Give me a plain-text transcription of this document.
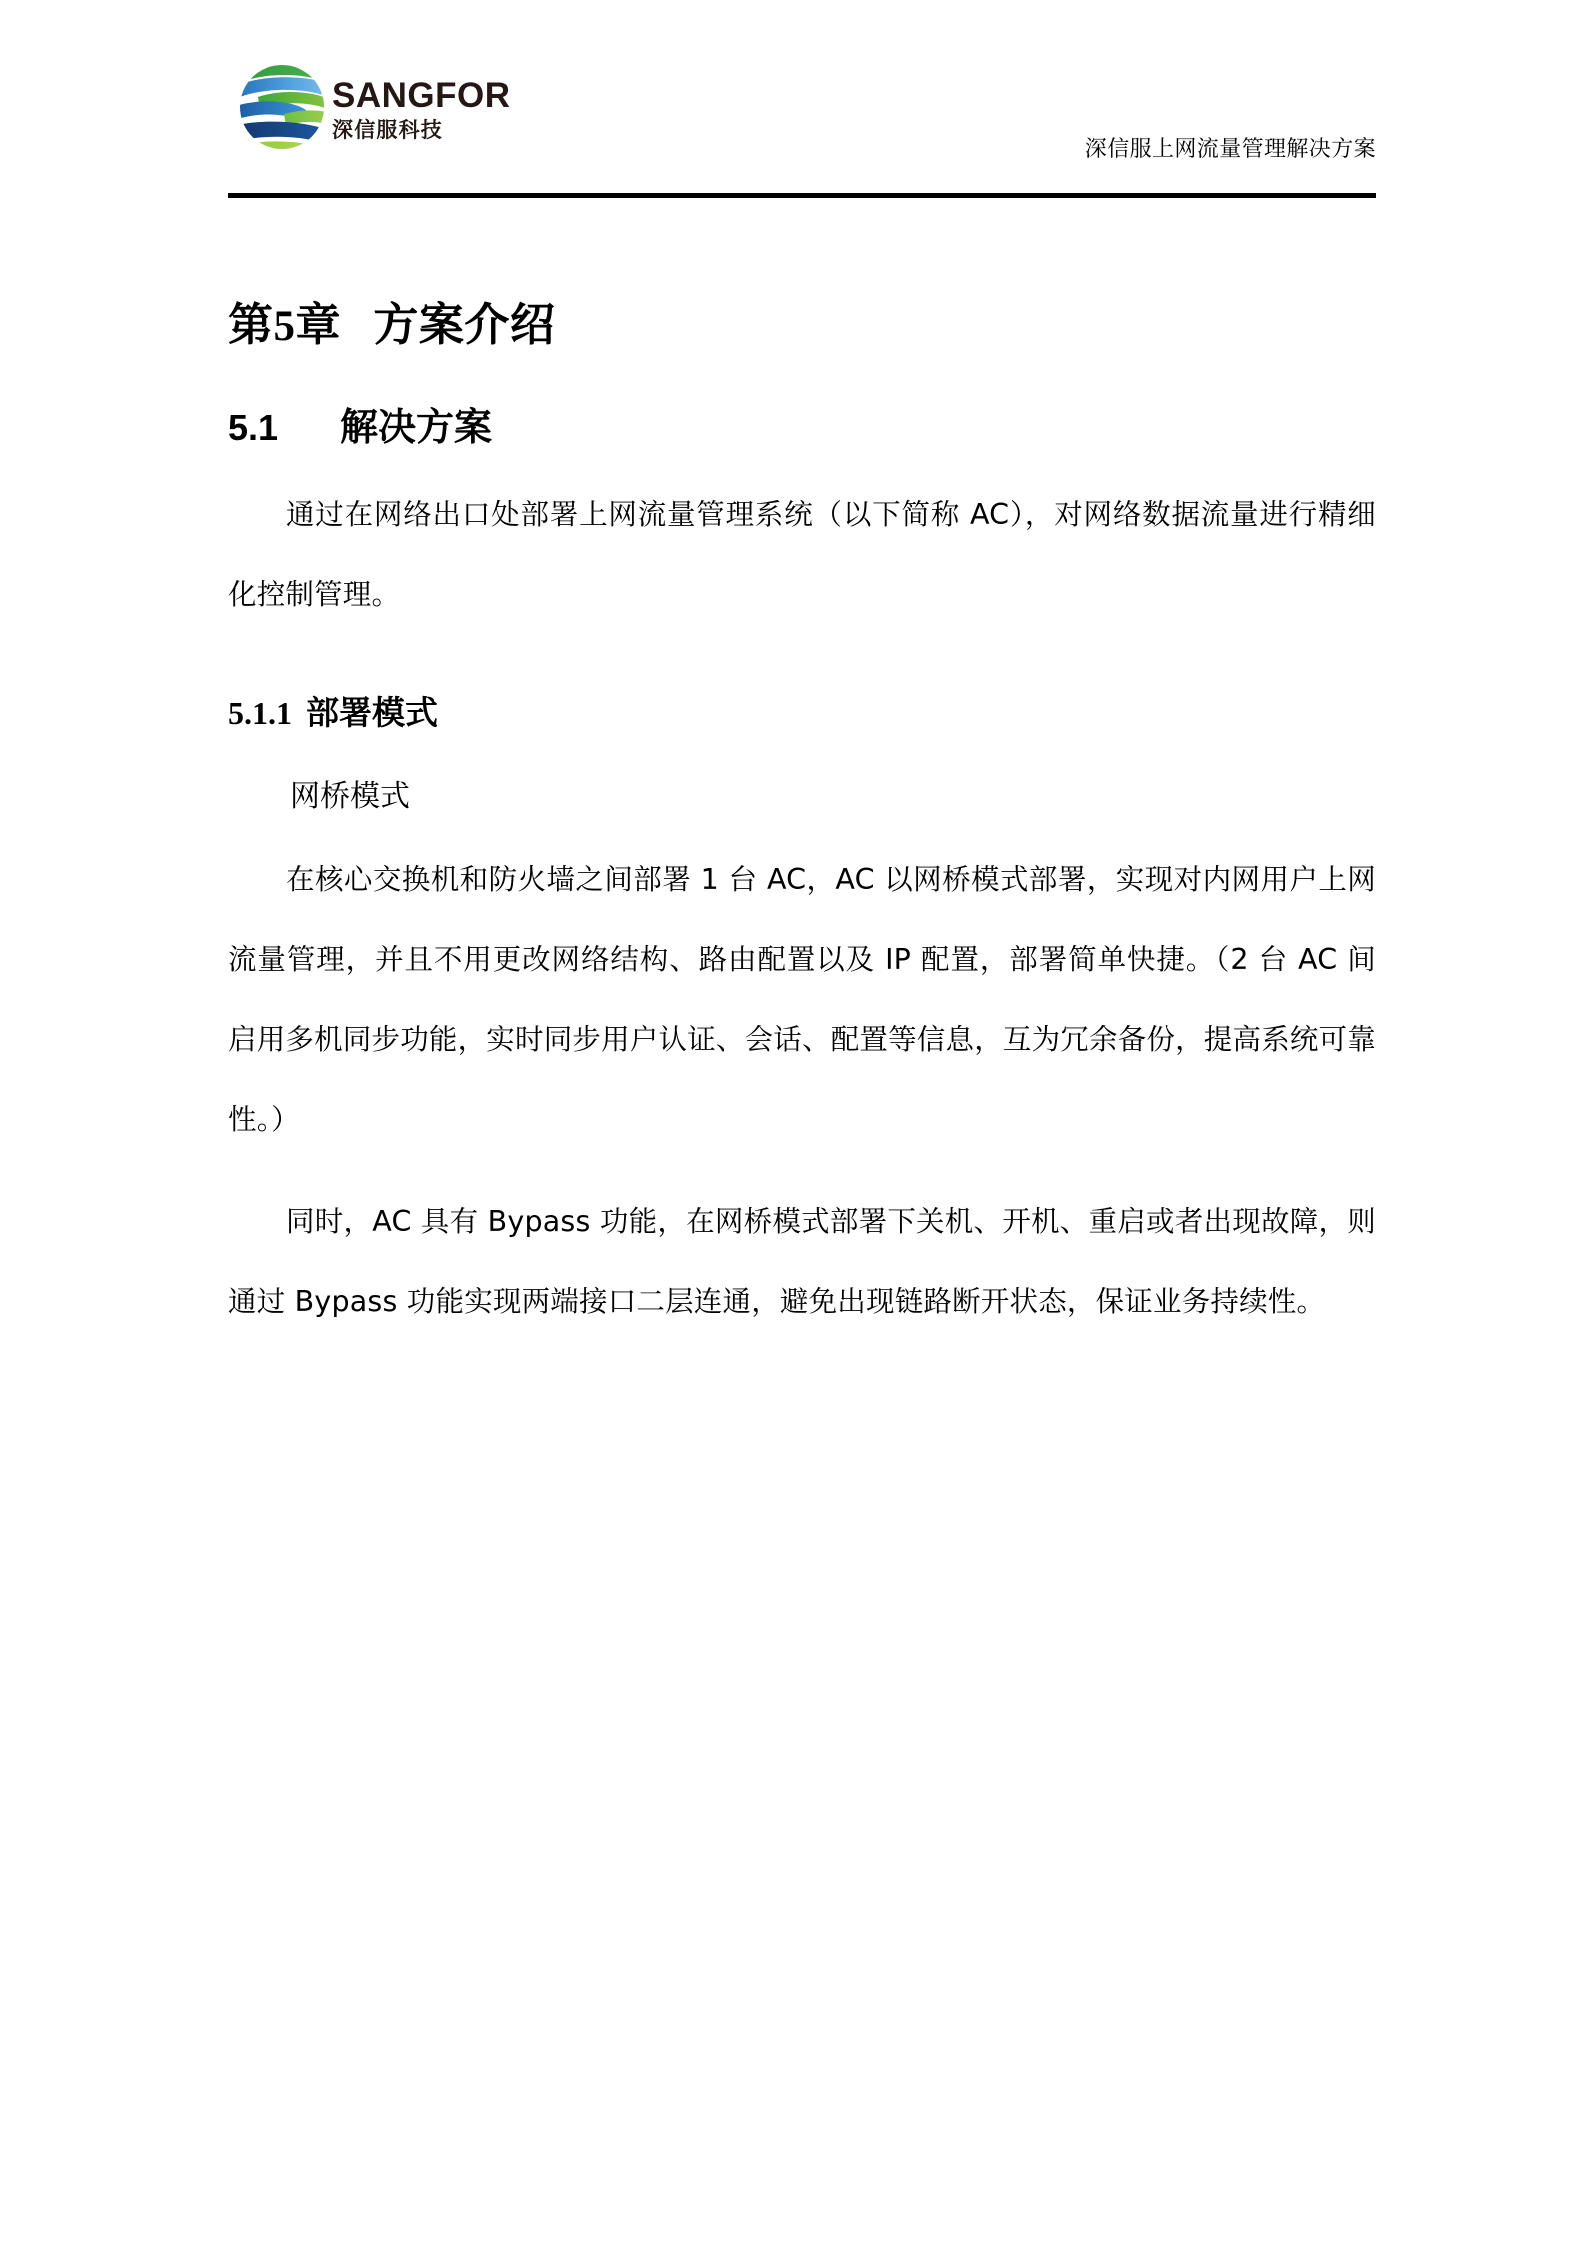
SANGFOR
深信服科技
深信服上网流量管理解决方案
第5章 方案介绍
5.1 解决方案

通过在网络出口处部署上网流量管理系统（以下简称 AC），对网络数据流量进行精细化控制管理。

5.1.1 部署模式

网桥模式

在核心交换机和防火墙之间部署 1 台 AC，AC 以网桥模式部署，实现对内网用户上网流量管理，并且不用更改网络结构、路由配置以及 IP 配置，部署简单快捷。（2 台 AC 间启用多机同步功能，实时同步用户认证、会话、配置等信息，互为冗余备份，提高系统可靠性。）

同时，AC 具有 Bypass 功能，在网桥模式部署下关机、开机、重启或者出现故障，则通过 Bypass 功能实现两端接口二层连通，避免出现链路断开状态，保证业务持续性。
